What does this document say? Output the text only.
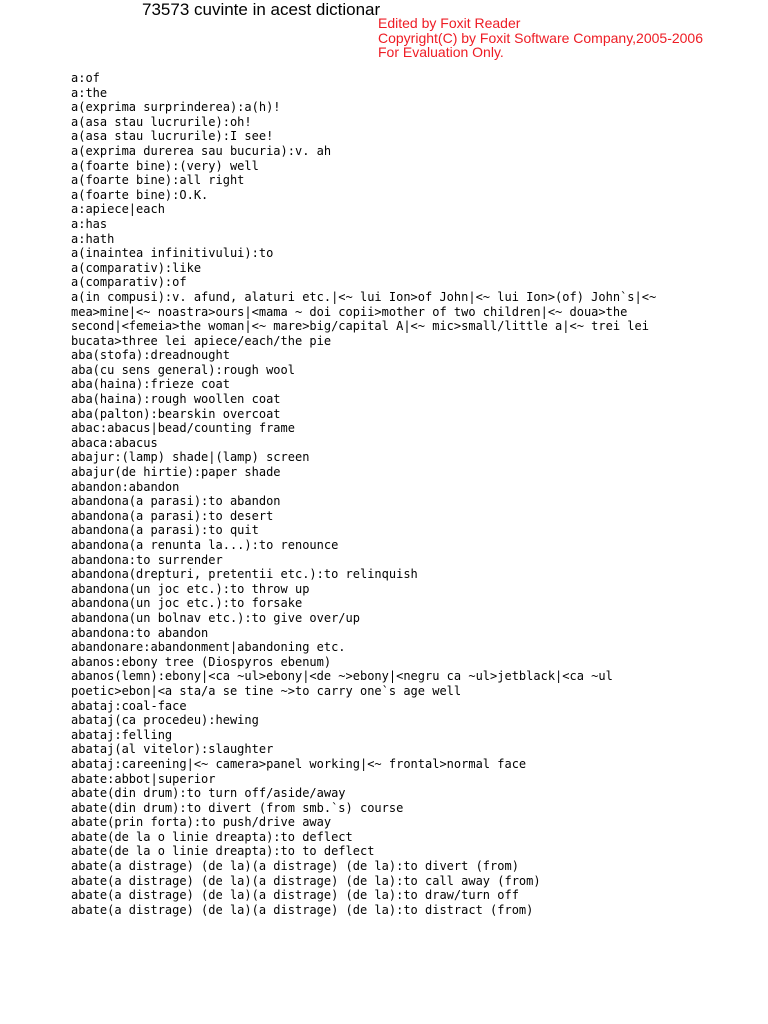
73573 cuvinte in acest dictionar
Edited by Foxit Reader
Copyright(C) by Foxit Software Company,2005-2006
For Evaluation Only.
a:of
a:the
a(exprima surprinderea):a(h)!
a(asa stau lucrurile):oh!
a(asa stau lucrurile):I see!
a(exprima durerea sau bucuria):v. ah
a(foarte bine):(very) well
a(foarte bine):all right
a(foarte bine):O.K.
a:apiece|each
a:has
a:hath
a(inaintea infinitivului):to
a(comparativ):like
a(comparativ):of
a(in compusi):v. afund, alaturi etc.|<~ lui Ion>of John|<~ lui Ion>(of) John`s|<~
mea>mine|<~ noastra>ours|<mama ~ doi copii>mother of two children|<~ doua>the
second|<femeia>the woman|<~ mare>big/capital A|<~ mic>small/little a|<~ trei lei
bucata>three lei apiece/each/the pie
aba(stofa):dreadnought
aba(cu sens general):rough wool
aba(haina):frieze coat
aba(haina):rough woollen coat
aba(palton):bearskin overcoat
abac:abacus|bead/counting frame
abaca:abacus
abajur:(lamp) shade|(lamp) screen
abajur(de hirtie):paper shade
abandon:abandon
abandona(a parasi):to abandon
abandona(a parasi):to desert
abandona(a parasi):to quit
abandona(a renunta la...):to renounce
abandona:to surrender
abandona(drepturi, pretentii etc.):to relinquish
abandona(un joc etc.):to throw up
abandona(un joc etc.):to forsake
abandona(un bolnav etc.):to give over/up
abandona:to abandon
abandonare:abandonment|abandoning etc.
abanos:ebony tree (Diospyros ebenum)
abanos(lemn):ebony|<ca ~ul>ebony|<de ~>ebony|<negru ca ~ul>jetblack|<ca ~ul
poetic>ebon|<a sta/a se tine ~>to carry one`s age well
abataj:coal-face
abataj(ca procedeu):hewing
abataj:felling
abataj(al vitelor):slaughter
abataj:careening|<~ camera>panel working|<~ frontal>normal face
abate:abbot|superior
abate(din drum):to turn off/aside/away
abate(din drum):to divert (from smb.`s) course
abate(prin forta):to push/drive away
abate(de la o linie dreapta):to deflect
abate(de la o linie dreapta):to to deflect
abate(a distrage) (de la)(a distrage) (de la):to divert (from)
abate(a distrage) (de la)(a distrage) (de la):to call away (from)
abate(a distrage) (de la)(a distrage) (de la):to draw/turn off
abate(a distrage) (de la)(a distrage) (de la):to distract (from)
